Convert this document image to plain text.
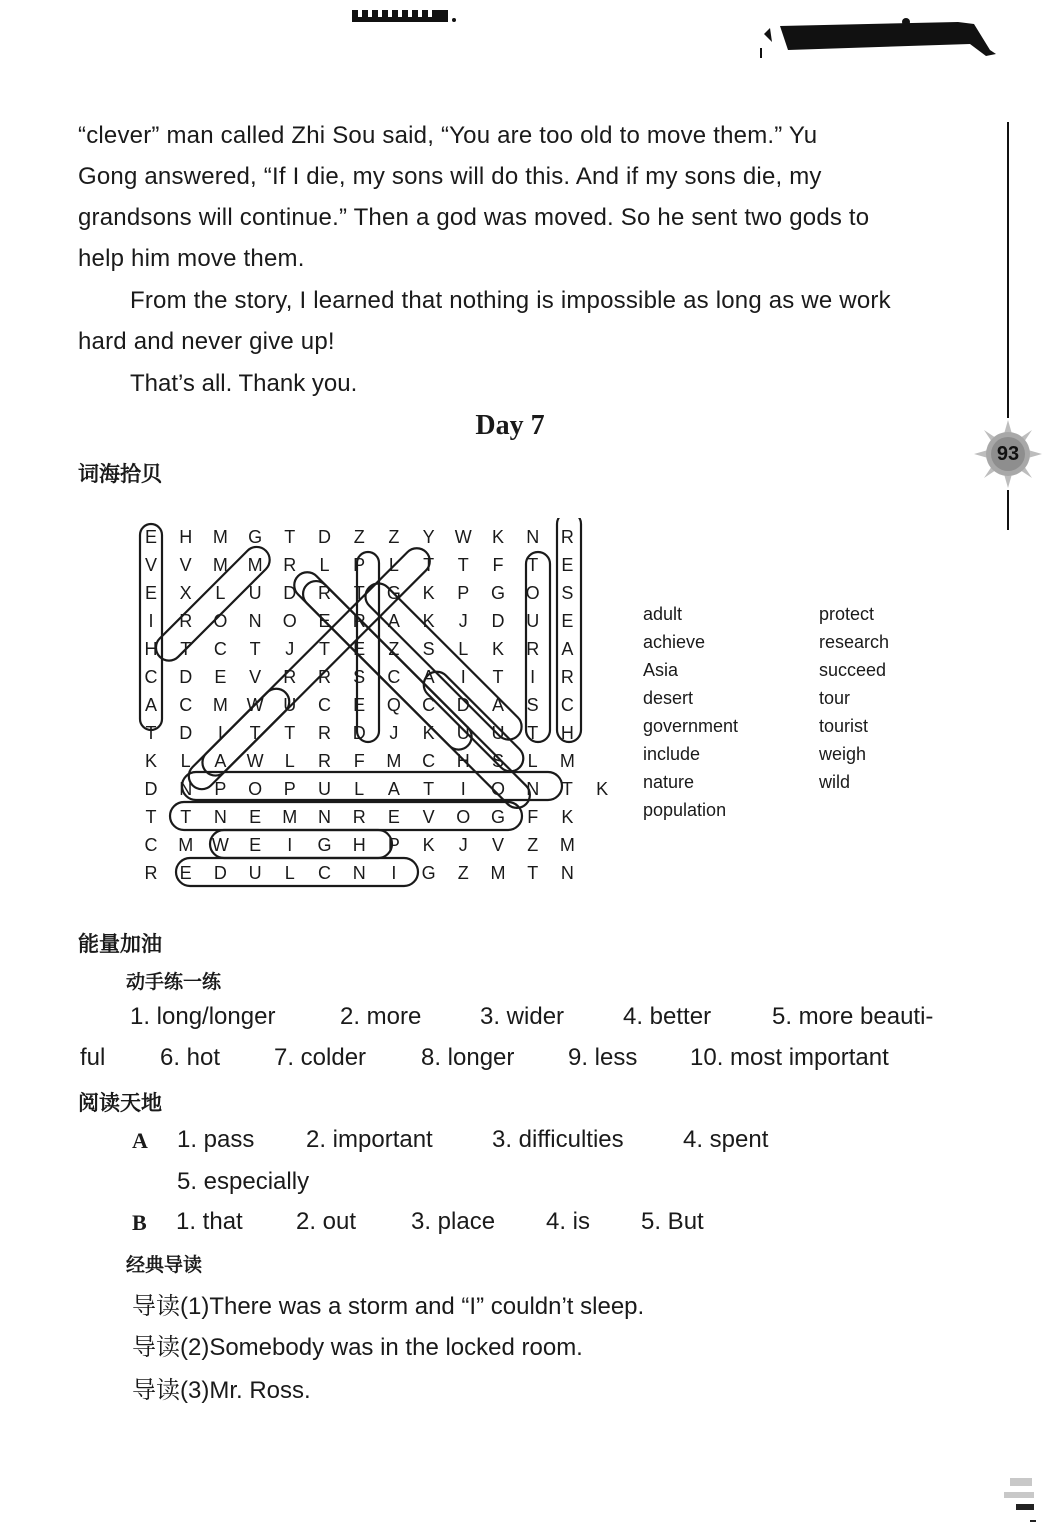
93
“clever” man called Zhi Sou said, “You are too old to move them.” Yu
Gong answered, “If I die, my sons will do this. And if my sons die, my
grandsons will continue.” Then a god was moved. So he sent two gods to
help him move them.
From the story, I learned that nothing is impossible as long as we work
hard and never give up!
That’s all. Thank you.
Day 7
词海拾贝
E	H	M	G	T	D	Z	Z	Y	W	K	N	R
V	V	M	M	R	L	P	L	T	T	F	T	E
E	X	L	U	D	R	T	G	K	P	G	O	S
I	R	O	N	O	E	R	A	K	J	D	U	E
H	T	C	T	J	T	E	Z	S	L	K	R	A
C	D	E	V	R	R	S	C	A	I	T	I	R
A	C	M	W	U	C	E	Q	C	D	A	S	C
T	D	I	T	T	R	D	J	K	U	U	T	H
K	L	A	W	L	R	F	M	C	H	S	L	M
D	N	P	O	P	U	L	A	T	I	O	N	T	K
T	T	N	E	M	N	R	E	V	O	G	F	K
C	M	W	E	I	G	H	P	K	J	V	Z	M
R	E	D	U	L	C	N	I	G	Z	M	T	N
adult
achieve
Asia
desert
government
include
nature
population
protect
research
succeed
tour
tourist
weigh
wild
能量加油
动手练一练
1. long/longer	2. more 3. wider 4. better	5. more beauti-
ful 6. hot 7. colder 8. longer 9. less 10. most important
阅读天地
A 1. pass 2. important 3. difficulties 4. spent
5. especially
B 1. that 2. out 3. place 4. is 5. But
经典导读
导读(1)There was a storm and “I” couldn’t sleep.
导读(2)Somebody was in the locked room.
导读(3)Mr. Ross.
